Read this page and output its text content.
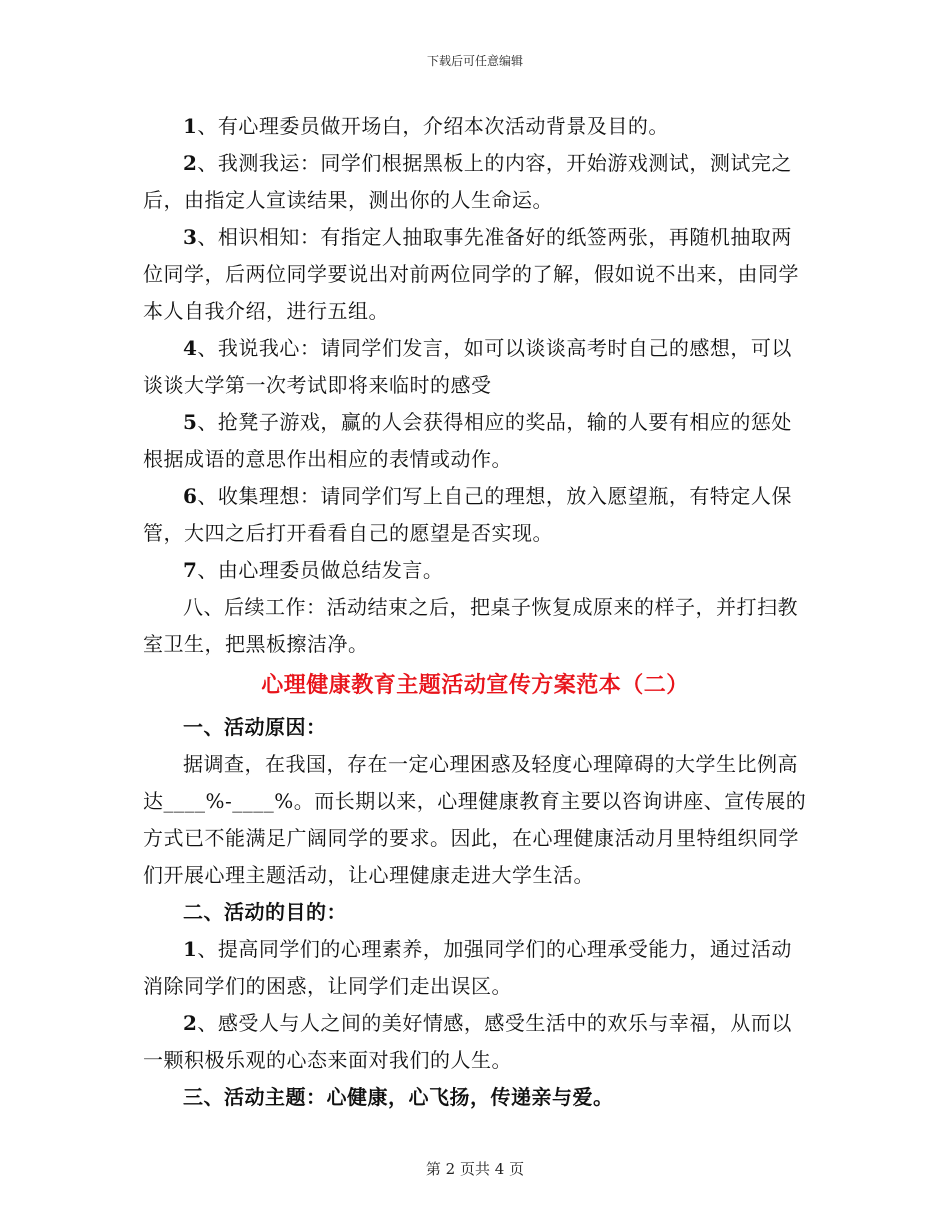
下载后可任意编辑

1、有心理委员做开场白，介绍本次活动背景及目的。

2、我测我运：同学们根据黑板上的内容，开始游戏测试，测试完之后，由指定人宣读结果，测出你的人生命运。

3、相识相知：有指定人抽取事先准备好的纸签两张，再随机抽取两位同学，后两位同学要说出对前两位同学的了解，假如说不出来，由同学本人自我介绍，进行五组。

4、我说我心：请同学们发言，如可以谈谈高考时自己的感想，可以谈谈大学第一次考试即将来临时的感受

5、抢凳子游戏，赢的人会获得相应的奖品，输的人要有相应的惩处根据成语的意思作出相应的表情或动作。

6、收集理想：请同学们写上自己的理想，放入愿望瓶，有特定人保管，大四之后打开看看自己的愿望是否实现。

7、由心理委员做总结发言。

八、后续工作：活动结束之后，把桌子恢复成原来的样子，并打扫教室卫生，把黑板擦洁净。

心理健康教育主题活动宣传方案范本（二）
一、活动原因：

据调查，在我国，存在一定心理困惑及轻度心理障碍的大学生比例高达____%-____%。而长期以来，心理健康教育主要以咨询讲座、宣传展的方式已不能满足广阔同学的要求。因此，在心理健康活动月里特组织同学们开展心理主题活动，让心理健康走进大学生活。

二、活动的目的：

1、提高同学们的心理素养，加强同学们的心理承受能力，通过活动消除同学们的困惑，让同学们走出误区。

2、感受人与人之间的美好情感，感受生活中的欢乐与幸福，从而以一颗积极乐观的心态来面对我们的人生。

三、活动主题：心健康，心飞扬，传递亲与爱。
第 2 页共 4 页
